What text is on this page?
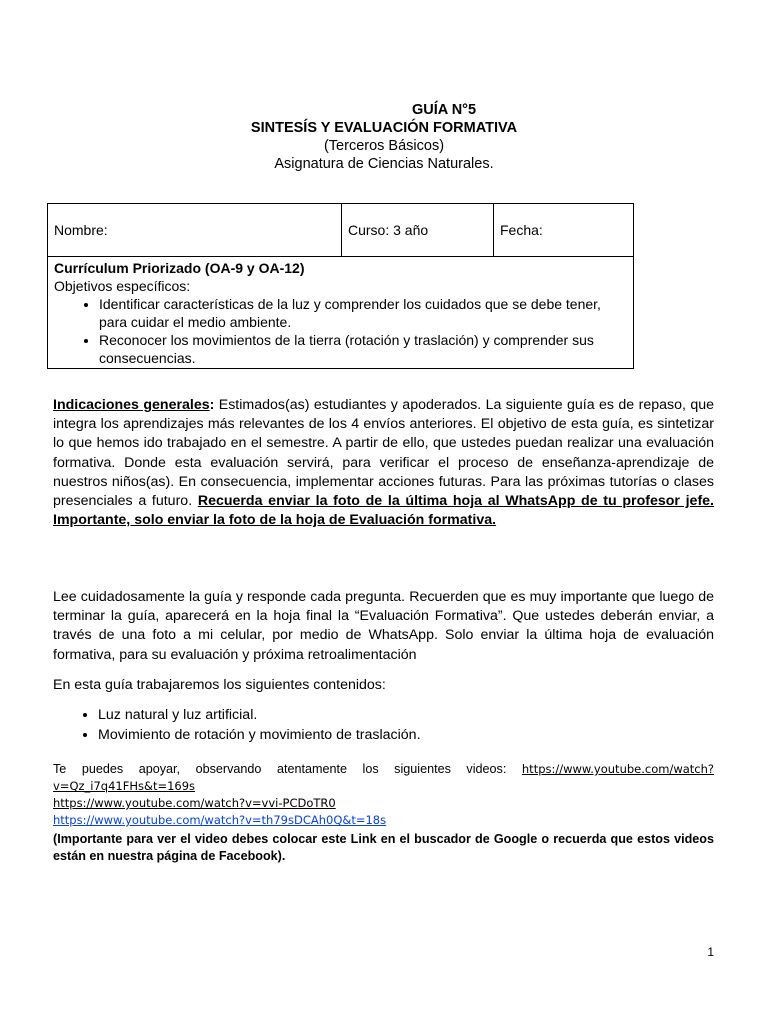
GUÍA N°5
SINTESÍS Y EVALUACIÓN FORMATIVA
(Terceros Básicos)
Asignatura de Ciencias Naturales.
Nombre:	Curso: 3 año	Fecha:

Currículum Priorizado (OA-9 y OA-12)
Objetivos específicos:
• Identificar características de la luz y comprender los cuidados que se debe tener, para cuidar el medio ambiente.
• Reconocer los movimientos de la tierra (rotación y traslación) y comprender sus consecuencias.
Indicaciones generales: Estimados(as) estudiantes y apoderados. La siguiente guía es de repaso, que integra los aprendizajes más relevantes de los 4 envíos anteriores. El objetivo de esta guía, es sintetizar lo que hemos ido trabajado en el semestre. A partir de ello, que ustedes puedan realizar una evaluación formativa. Donde esta evaluación servirá, para verificar el proceso de enseñanza-aprendizaje de nuestros niños(as). En consecuencia, implementar acciones futuras. Para las próximas tutorías o clases presenciales a futuro. Recuerda enviar la foto de la última hoja al WhatsApp de tu profesor jefe. Importante, solo enviar la foto de la hoja de Evaluación formativa.
Lee cuidadosamente la guía y responde cada pregunta. Recuerden que es muy importante que luego de terminar la guía, aparecerá en la hoja final la “Evaluación Formativa”. Que ustedes deberán enviar, a través de una foto a mi celular, por medio de WhatsApp. Solo enviar la última hoja de evaluación formativa, para su evaluación y próxima retroalimentación
En esta guía trabajaremos los siguientes contenidos:
• Luz natural y luz artificial.
• Movimiento de rotación y movimiento de traslación.
Te puedes apoyar, observando atentamente los siguientes videos: https://www.youtube.com/watch?v=Qz_i7q41FHs&t=169s
https://www.youtube.com/watch?v=vvi-PCDoTR0
https://www.youtube.com/watch?v=th79sDCAh0Q&t=18s
(Importante para ver el video debes colocar este Link en el buscador de Google o recuerda que estos videos están en nuestra página de Facebook).
1
